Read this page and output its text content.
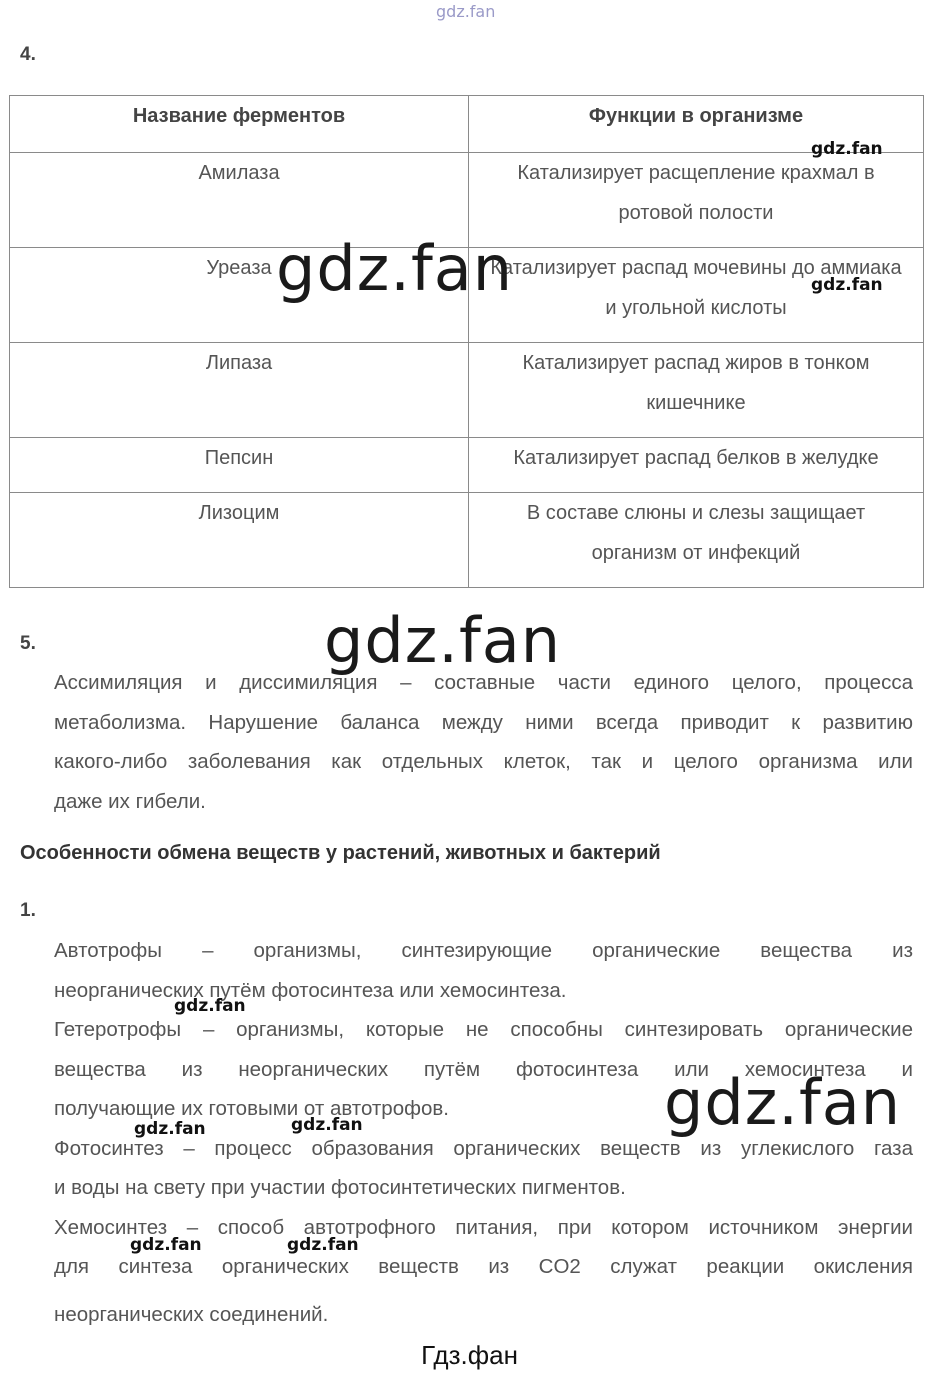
gdz.fan
4.
Название ферментов	Функции в организме
Амилаза	Катализирует расщепление крахмал в ротовой полости
Уреаза	Катализирует распад мочевины до аммиака и угольной кислоты
Липаза	Катализирует распад жиров в тонком кишечнике
Пепсин	Катализирует распад белков в желудке
Лизоцим	В составе слюны и слезы защищает организм от инфекций
5.
Ассимиляция и диссимиляция – составные части единого целого, процесса
метаболизма. Нарушение баланса между ними всегда приводит к развитию
какого-либо заболевания как отдельных клеток, так и целого организма или
даже их гибели.
Особенности обмена веществ у растений, животных и бактерий
1.
Автотрофы – организмы, синтезирующие органические вещества из
неорганических путём фотосинтеза или хемосинтеза.
Гетеротрофы – организмы, которые не способны синтезировать органические
вещества из неорганических путём фотосинтеза или хемосинтеза и
получающие их готовыми от автотрофов.
Фотосинтез – процесс образования органических веществ из углекислого газа
и воды на свету при участии фотосинтетических пигментов.
Хемосинтез – способ автотрофного питания, при котором источником энергии
для синтеза органических веществ из CO2 служат реакции окисления
неорганических соединений.
gdz.fan
gdz.fan
gdz.fan
gdz.fan
gdz.fan
gdz.fan
gdz.fan	gdz.fan
gdz.fan	gdz.fan
Гдз.фан
